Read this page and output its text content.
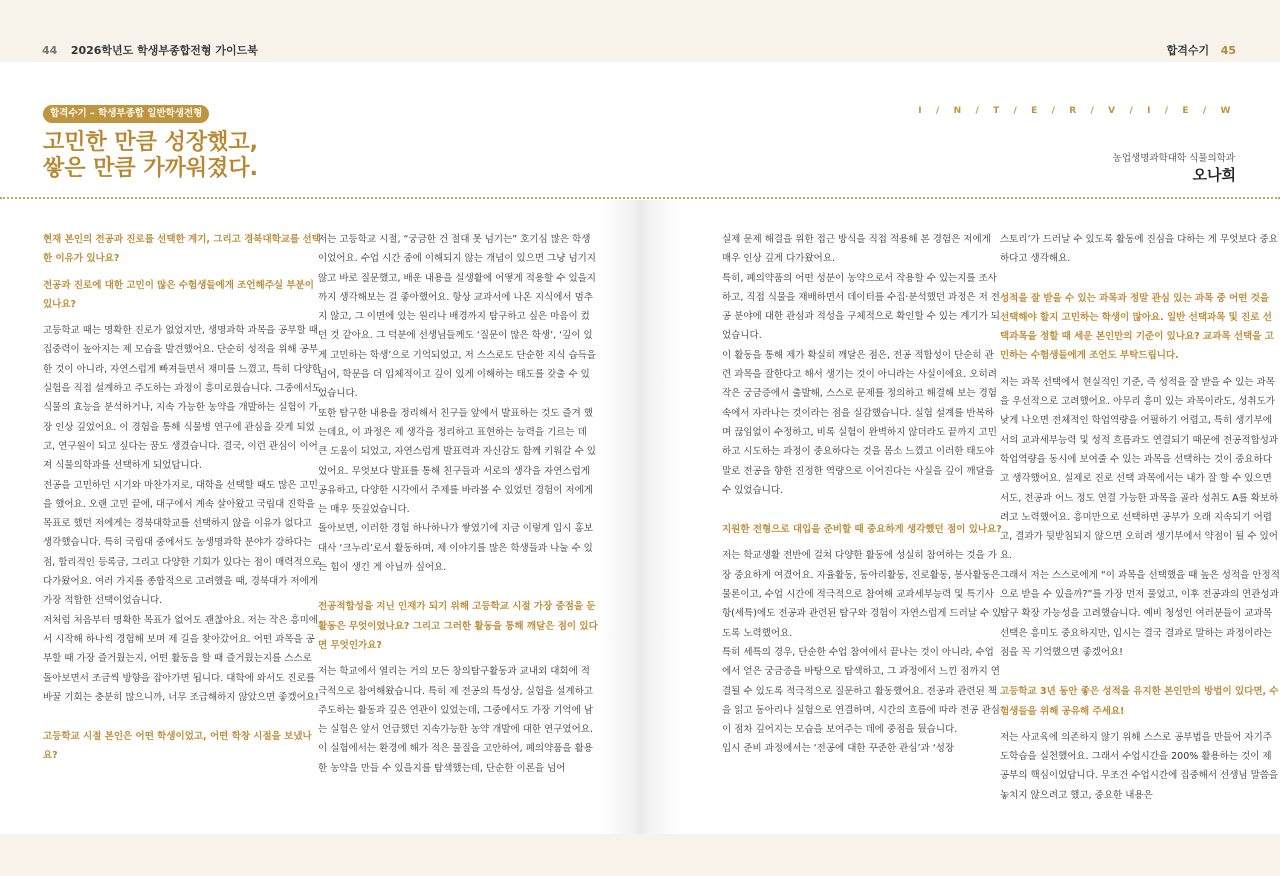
44 2026학년도 학생부종합전형 가이드북	합격수기 45
합격수기 – 학생부종합 일반학생전형
고민한 만큼 성장했고,
쌓은 만큼 가까워졌다.
I / N / T / E / R / V / I / E / W
농업생명과학대학 식물의학과
오나희

현재 본인의 전공과 진로를 선택한 계기, 그리고 경북대학교를 선택한 이유가 있나요?

전공과 진로에 대한 고민이 많은 수험생들에게 조언해주실 부분이 있나요?

고등학교 때는 명확한 진로가 없었지만, 생명과학 과목을 공부할 때 집중력이 높아지는 제 모습을 발견했어요. 단순히 성적을 위해 공부한 것이 아니라, 자연스럽게 빠져들면서 재미를 느꼈고, 특히 다양한 실험을 직접 설계하고 주도하는 과정이 흥미로웠습니다. 그중에서도 식물의 효능을 분석하거나, 지속 가능한 농약을 개발하는 실험이 가장 인상 깊었어요. 이 경험을 통해 식물병 연구에 관심을 갖게 되었고, 연구원이 되고 싶다는 꿈도 생겼습니다. 결국, 이런 관심이 이어져 식물의학과를 선택하게 되었답니다.

전공을 고민하던 시기와 마찬가지로, 대학을 선택할 때도 많은 고민을 했어요. 오랜 고민 끝에, 대구에서 계속 살아왔고 국립대 진학을 목표로 했던 저에게는 경북대학교를 선택하지 않을 이유가 없다고 생각했습니다. 특히 국립대 중에서도 농생명과학 분야가 강하다는 점, 합리적인 등록금, 그리고 다양한 기회가 있다는 점이 매력적으로 다가왔어요. 여러 가지를 종합적으로 고려했을 때, 경북대가 저에게 가장 적합한 선택이었습니다.

저처럼 처음부터 명확한 목표가 없어도 괜찮아요. 저는 작은 흥미에서 시작해 하나씩 경험해 보며 제 길을 찾아갔어요. 어떤 과목을 공부할 때 가장 즐거웠는지, 어떤 활동을 할 때 즐거웠는지를 스스로 돌아보면서 조금씩 방향을 잡아가면 됩니다. 대학에 와서도 진로를 바꿀 기회는 충분히 많으니까, 너무 조급해하지 않았으면 좋겠어요!

고등학교 시절 본인은 어떤 학생이었고, 어떤 학창 시절을 보냈나요?

저는 고등학교 시절, “궁금한 건 절대 못 넘기는” 호기심 많은 학생이었어요. 수업 시간 중에 이해되지 않는 개념이 있으면 그냥 넘기지 않고 바로 질문했고, 배운 내용을 실생활에 어떻게 적용할 수 있을지까지 생각해보는 걸 좋아했어요. 항상 교과서에 나온 지식에서 멈추지 않고, 그 이면에 있는 원리나 배경까지 탐구하고 싶은 마음이 컸던 것 같아요. 그 덕분에 선생님들께도 ‘질문이 많은 학생’, ‘깊이 있게 고민하는 학생’으로 기억되었고, 저 스스로도 단순한 지식 습득을 넘어, 학문을 더 입체적이고 깊이 있게 이해하는 태도를 갖출 수 있었습니다.

또한 탐구한 내용을 정리해서 친구들 앞에서 발표하는 것도 즐겨 했는데요, 이 과정은 제 생각을 정리하고 표현하는 능력을 기르는 데 큰 도움이 되었고, 자연스럽게 발표력과 자신감도 함께 키워갈 수 있었어요. 무엇보다 발표를 통해 친구들과 서로의 생각을 자연스럽게 공유하고, 다양한 시각에서 주제를 바라볼 수 있었던 경험이 저에게는 매우 뜻깊었습니다.

돌아보면, 이러한 경험 하나하나가 쌓였기에 지금 이렇게 입시 홍보대사 ‘크누리’로서 활동하며, 제 이야기를 많은 학생들과 나눌 수 있는 힘이 생긴 게 아닐까 싶어요.

전공적합성을 지닌 인재가 되기 위해 고등학교 시절 가장 중점을 둔 활동은 무엇이었나요? 그리고 그러한 활동을 통해 깨달은 점이 있다면 무엇인가요?

저는 학교에서 열리는 거의 모든 창의탐구활동과 교내외 대회에 적극적으로 참여해왔습니다. 특히 제 전공의 특성상, 실험을 설계하고 주도하는 활동과 깊은 연관이 있었는데, 그중에서도 가장 기억에 남는 실험은 앞서 언급했던 지속가능한 농약 개발에 대한 연구였어요.

이 실험에서는 환경에 해가 적은 물질을 고안하여, 폐의약품을 활용한 농약을 만들 수 있을지를 탐색했는데, 단순한 이론을 넘어

실제 문제 해결을 위한 접근 방식을 직접 적용해 본 경험은 저에게 매우 인상 깊게 다가왔어요.

특히, 폐의약품의 어떤 성분이 농약으로서 작용할 수 있는지를 조사하고, 직접 식물을 재배하면서 데이터를 수집·분석했던 과정은 저 전공 분야에 대한 관심과 적성을 구체적으로 확인할 수 있는 계기가 되었습니다.

이 활동을 통해 제가 확실히 깨달은 점은, 전공 적합성이 단순히 관련 과목을 잘한다고 해서 생기는 것이 아니라는 사실이에요. 오히려 작은 궁금증에서 출발해, 스스로 문제를 정의하고 해결해 보는 경험 속에서 자라나는 것이라는 점을 실감했습니다. 실험 설계를 반복하며 끊임없이 수정하고, 비록 실험이 완벽하지 않더라도 끝까지 고민하고 시도하는 과정이 중요하다는 것을 몸소 느꼈고 이러한 태도야말로 전공을 향한 진정한 역량으로 이어진다는 사실을 깊이 깨달을 수 있었습니다.

지원한 전형으로 대입을 준비할 때 중요하게 생각했던 점이 있나요?

저는 학교생활 전반에 걸쳐 다양한 활동에 성실히 참여하는 것을 가장 중요하게 여겼어요. 자율활동, 동아리활동, 진로활동, 봉사활동은 물론이고, 수업 시간에 적극적으로 참여해 교과세부능력 및 특기사항(세특)에도 전공과 관련된 탐구와 경험이 자연스럽게 드러날 수 있도록 노력했어요.

특히 세특의 경우, 단순한 수업 참여에서 끝나는 것이 아니라, 수업에서 얻은 궁금증을 바탕으로 탐색하고, 그 과정에서 느낀 점까지 연결될 수 있도록 적극적으로 질문하고 활동했어요. 전공과 관련된 책을 읽고 동아리나 실험으로 연결하며, 시간의 흐름에 따라 전공 관심이 점차 깊어지는 모습을 보여주는 데에 중점을 뒀습니다.

입시 준비 과정에서는 ‘전공에 대한 꾸준한 관심’과 ‘성장

스토리’가 드러날 수 있도록 활동에 진심을 다하는 게 무엇보다 중요하다고 생각해요.

성적을 잘 받을 수 있는 과목과 정말 관심 있는 과목 중 어떤 것을 선택해야 할지 고민하는 학생이 많아요. 일반 선택과목 및 진로 선택과목을 정할 때 세운 본인만의 기준이 있나요? 교과목 선택을 고민하는 수험생들에게 조언도 부탁드립니다.

저는 과목 선택에서 현실적인 기준, 즉 성적을 잘 받을 수 있는 과목을 우선적으로 고려했어요. 아무리 흥미 있는 과목이라도, 성취도가 낮게 나오면 전체적인 학업역량을 어필하기 어렵고, 특히 생기부에서의 교과세부능력 및 성적 흐름과도 연결되기 때문에 전공적합성과 학업역량을 동시에 보여줄 수 있는 과목을 선택하는 것이 중요하다고 생각했어요. 실제로 진로 선택 과목에서는 내가 잘 할 수 있으면서도, 전공과 어느 정도 연결 가능한 과목을 골라 성취도 A를 확보하려고 노력했어요. 흥미만으로 선택하면 공부가 오래 지속되기 어렵고, 결과가 뒷받침되지 않으면 오히려 생기부에서 약점이 될 수 있어요.

그래서 저는 스스로에게 “이 과목을 선택했을 때 높은 성적을 안정적으로 받을 수 있을까?”를 가장 먼저 물었고, 이후 전공과의 연관성과 탐구 확장 가능성을 고려했습니다. 예비 청성인 여러분들이 교과목 선택은 흥미도 중요하지만, 입시는 결국 결과로 말하는 과정이라는 점을 꼭 기억했으면 좋겠어요!

고등학교 3년 동안 좋은 성적을 유지한 본인만의 방법이 있다면, 수험생들을 위해 공유해 주세요!

저는 사교육에 의존하지 않기 위해 스스로 공부법을 만들어 자기주도학습을 실천했어요. 그래서 수업시간을 200% 활용하는 것이 제 공부의 핵심이었답니다. 무조건 수업시간에 집중해서 선생님 말씀을 놓치지 않으려고 했고, 중요한 내용은
